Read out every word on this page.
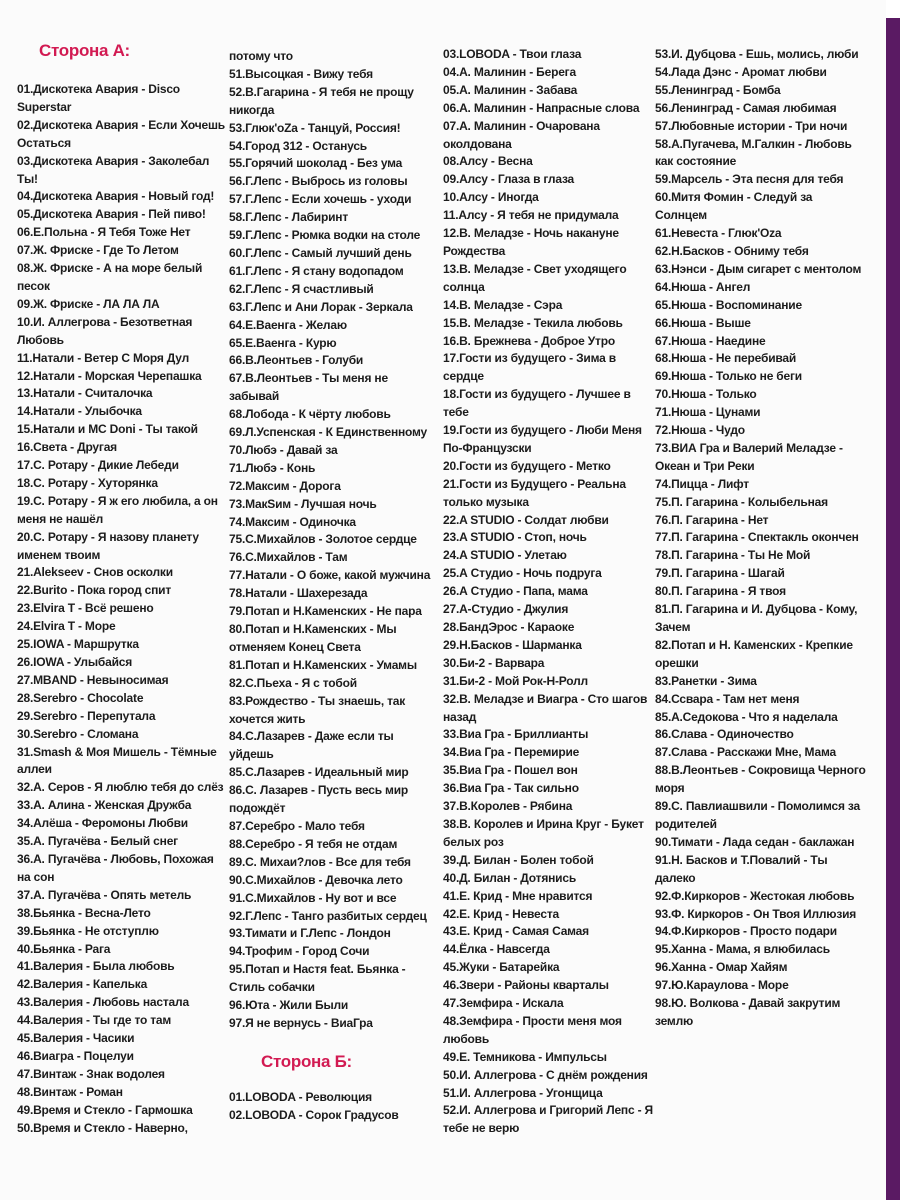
Сторона А:
01.Дискотека Авария - Disco Superstar
02.Дискотека Авария - Если Хочешь Остаться
03.Дискотека Авария - Заколебал Ты!
04.Дискотека Авария - Новый год!
05.Дискотека Авария - Пей пиво!
06.Е.Польна - Я Тебя Тоже Нет
07.Ж. Фриске - Где То Летом
08.Ж. Фриске - А на море белый песок
09.Ж. Фриске - ЛА ЛА ЛА
10.И. Аллегрова - Безответная Любовь
11.Натали - Ветер С Моря Дул
12.Натали - Морская Черепашка
13.Натали - Считалочка
14.Натали - Улыбочка
15.Натали и MC Doni - Ты такой
16.Света - Другая
17.С. Ротару - Дикие Лебеди
18.С. Ротару - Хуторянка
19.С. Ротару - Я ж его любила, а он меня не нашёл
20.С. Ротару - Я назову планету именем твоим
21.Alekseev - Снов осколки
22.Burito - Пока город спит
23.Elvira T - Всё решено
24.Elvira T - Море
25.IOWA - Маршрутка
26.IOWA - Улыбайся
27.MBAND - Невыносимая
28.Serebro - Chocolate
29.Serebro - Перепутала
30.Serebro - Сломана
31.Smash & Моя Мишель - Тёмные аллеи
32.А. Серов - Я люблю тебя до слёз
33.А. Алина - Женская Дружба
34.Алёша - Феромоны Любви
35.А. Пугачёва - Белый снег
36.А. Пугачёва - Любовь, Похожая на сон
37.А. Пугачёва - Опять метель
38.Бьянка - Весна-Лето
39.Бьянка - Не отступлю
40.Бьянка - Рага
41.Валерия - Была любовь
42.Валерия - Капелька
43.Валерия - Любовь настала
44.Валерия - Ты где то там
45.Валерия - Часики
46.Виагра - Поцелуи
47.Винтаж - Знак водолея
48.Винтаж - Роман
49.Время и Стекло - Гармошка
50.Время и Стекло - Наверно,
потому что
51.Высоцкая - Вижу тебя
52.В.Гагарина - Я тебя не прощу никогда
53.Глюк'oZa - Танцуй, Россия!
54.Город 312 - Останусь
55.Горячий шоколад - Без ума
56.Г.Лепс - Выбрось из головы
57.Г.Лепс - Если хочешь - уходи
58.Г.Лепс - Лабиринт
59.Г.Лепс - Рюмка водки на столе
60.Г.Лепс - Самый лучший день
61.Г.Лепс - Я стану водопадом
62.Г.Лепс - Я счастливый
63.Г.Лепс и Ани Лорак - Зеркала
64.Е.Ваенга - Желаю
65.Е.Ваенга - Курю
66.В.Леонтьев - Голуби
67.В.Леонтьев - Ты меня не забывай
68.Лобода - К чёрту любовь
69.Л.Успенская - К Единственному
70.Любэ - Давай за
71.Любэ - Конь
72.Максим - Дорога
73.МакSим - Лучшая ночь
74.Максим - Одиночка
75.С.Михайлов - Золотое сердце
76.С.Михайлов - Там
77.Натали - О боже, какой мужчина
78.Натали - Шахерезада
79.Потап и Н.Каменских - Не пара
80.Потап и Н.Каменских - Мы отменяем Конец Света
81.Потап и Н.Каменских - Умамы
82.С.Пьеха - Я с тобой
83.Рождество - Ты знаешь, так хочется жить
84.С.Лазарев - Даже если ты уйдешь
85.С.Лазарев - Идеальный мир
86.С. Лазарев - Пусть весь мир подождёт
87.Серебро - Мало тебя
88.Серебро - Я тебя не отдам
89.С. Михаи?лов - Все для тебя
90.С.Михайлов - Девочка лето
91.С.Михайлов - Ну вот и все
92.Г.Лепс - Танго разбитых сердец
93.Тимати и Г.Лепс - Лондон
94.Трофим - Город Сочи
95.Потап и Настя feat. Бьянка - Стиль собачки
96.Юта - Жили Были
97.Я не вернусь - ВиаГра
Сторона Б:
01.LOBODA - Революция
02.LOBODA - Сорок Градусов
03.LOBODA - Твои глаза
04.А. Малинин - Берега
05.А. Малинин - Забава
06.А. Малинин - Напрасные слова
07.А. Малинин - Очарована околдована
08.Алсу - Весна
09.Алсу - Глаза в глаза
10.Алсу - Иногда
11.Алсу - Я тебя не придумала
12.В. Меладзе - Ночь накануне Рождества
13.В. Меладзе - Свет уходящего солнца
14.В. Меладзе - Сэра
15.В. Меладзе - Текила любовь
16.В. Брежнева - Доброе Утро
17.Гости из будущего - Зима в сердце
18.Гости из будущего - Лучшее в тебе
19.Гости из будущего - Люби Меня По-Французски
20.Гости из будущего - Метко
21.Гости из Будущего - Реальна только музыка
22.A STUDIO - Солдат любви
23.A STUDIO - Стоп, ночь
24.A STUDIO - Улетаю
25.А Студио - Ночь подруга
26.А Студио - Папа, мама
27.А-Студио - Джулия
28.БандЭрос - Караоке
29.Н.Басков - Шарманка
30.Би-2 - Варвара
31.Би-2 - Мой Рок-Н-Ролл
32.В. Меладзе и Виагра - Сто шагов назад
33.Виа Гра - Бриллианты
34.Виа Гра - Перемирие
35.Виа Гра - Пошел вон
36.Виа Гра - Так сильно
37.В.Королев - Рябина
38.В. Королев и Ирина Круг - Букет белых роз
39.Д. Билан - Болен тобой
40.Д. Билан - Дотянись
41.Е. Крид - Мне нравится
42.Е. Крид - Невеста
43.Е. Крид - Самая Самая
44.Ёлка - Навсегда
45.Жуки - Батарейка
46.Звери - Районы кварталы
47.Земфира - Искала
48.Земфира - Прости меня моя любовь
49.Е. Темникова - Импульсы
50.И. Аллегрова - С днём рождения
51.И. Аллегрова - Угонщица
52.И. Аллегрова и Григорий Лепс - Я тебе не верю
53.И. Дубцова - Ешь, молись, люби
54.Лада Дэнс - Аромат любви
55.Ленинград - Бомба
56.Ленинград - Самая любимая
57.Любовные истории - Три ночи
58.А.Пугачева, М.Галкин - Любовь как состояние
59.Марсель - Эта песня для тебя
60.Митя Фомин - Следуй за Солнцем
61.Невеста - Глюк'Oza
62.Н.Басков - Обниму тебя
63.Нэнси - Дым сигарет с ментолом
64.Нюша - Ангел
65.Нюша - Воспоминание
66.Нюша - Выше
67.Нюша - Наедине
68.Нюша - Не перебивай
69.Нюша - Только не беги
70.Нюша - Только
71.Нюша - Цунами
72.Нюша - Чудо
73.ВИА Гра и Валерий Меладзе - Океан и Три Реки
74.Пицца - Лифт
75.П. Гагарина - Колыбельная
76.П. Гагарина - Нет
77.П. Гагарина - Спектакль окончен
78.П. Гагарина - Ты Не Мой
79.П. Гагарина - Шагай
80.П. Гагарина - Я твоя
81.П. Гагарина и И. Дубцова - Кому, Зачем
82.Потап и Н. Каменских - Крепкие орешки
83.Ранетки - Зима
84.Ссвара - Там нет меня
85.А.Седокова - Что я наделала
86.Слава - Одиночество
87.Слава - Расскажи Мне, Мама
88.В.Леонтьев - Сокровища Черного моря
89.С. Павлиашвили - Помолимся за родителей
90.Тимати - Лада седан - баклажан
91.Н. Басков и Т.Повалий - Ты далеко
92.Ф.Киркоров - Жестокая любовь
93.Ф. Киркоров - Он Твоя Иллюзия
94.Ф.Киркоров - Просто подари
95.Ханна - Мама, я влюбилась
96.Ханна - Омар Хайям
97.Ю.Караулова - Море
98.Ю. Волкова - Давай закрутим землю
